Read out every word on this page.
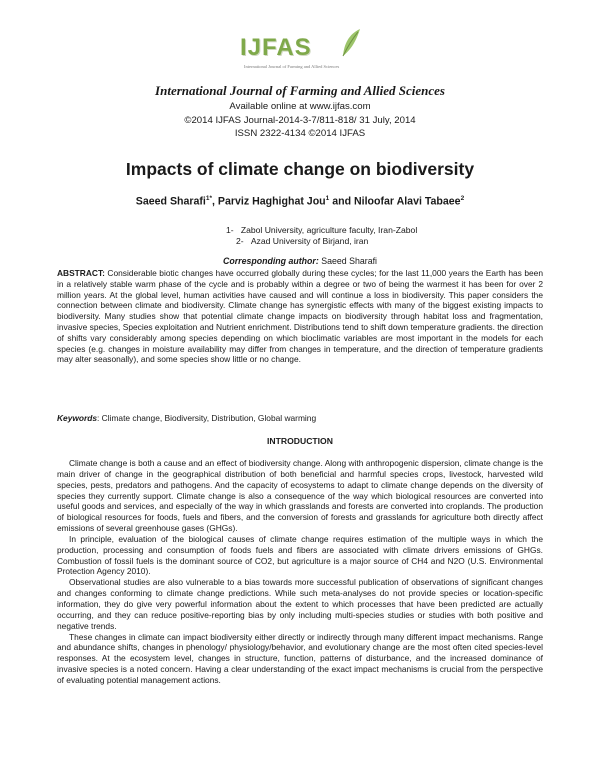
IJFAS
International Journal of Farming and Allied Sciences
International Journal of Farming and Allied Sciences
Available online at www.ijfas.com
©2014 IJFAS Journal-2014-3-7/811-818/ 31 July, 2014
ISSN 2322-4134 ©2014 IJFAS
Impacts of climate change on biodiversity
Saeed Sharafi$^{1*}$, Parviz Haghighat Jou$^1$ and Niloofar Alavi Tabaee$^2$
1- Zabol University, agriculture faculty, Iran-Zabol
2- Azad University of Birjand, iran
Corresponding author: Saeed Sharafi
ABSTRACT: Considerable biotic changes have occurred globally during these cycles; for the last 11,000 years the Earth has been in a relatively stable warm phase of the cycle and is probably within a degree or two of being the warmest it has been for over 2 million years. At the global level, human activities have caused and will continue a loss in biodiversity. This paper considers the connection between climate and biodiversity. Climate change has synergistic effects with many of the biggest existing impacts to biodiversity. Many studies show that potential climate change impacts on biodiversity through habitat loss and fragmentation, invasive species, Species exploitation and Nutrient enrichment. Distributions tend to shift down temperature gradients. the direction of shifts vary considerably among species depending on which bioclimatic variables are most important in the models for each species (e.g. changes in moisture availability may differ from changes in temperature, and the direction of temperature gradients may alter seasonally), and some species show little or no change.
Keywords: Climate change, Biodiversity, Distribution, Global warming
INTRODUCTION

Climate change is both a cause and an effect of biodiversity change. Along with anthropogenic dispersion, climate change is the main driver of change in the geographical distribution of both beneficial and harmful species crops, livestock, harvested wild species, pests, predators and pathogens. And the capacity of ecosystems to adapt to climate change depends on the diversity of species they currently support. Climate change is also a consequence of the way which biological resources are converted into useful goods and services, and especially of the way in which grasslands and forests are converted into croplands. The production of biological resources for foods, fuels and fibers, and the conversion of forests and grasslands for agriculture both directly affect emissions of several greenhouse gases (GHGs).

In principle, evaluation of the biological causes of climate change requires estimation of the multiple ways in which the production, processing and consumption of foods fuels and fibers are associated with climate drivers emissions of GHGs. Combustion of fossil fuels is the dominant source of CO2, but agriculture is a major source of CH4 and N2O (U.S. Environmental Protection Agency 2010).

Observational studies are also vulnerable to a bias towards more successful publication of observations of significant changes and changes conforming to climate change predictions. While such meta-analyses do not provide species or location-specific information, they do give very powerful information about the extent to which processes that have been predicted are actually occurring, and they can reduce positive-reporting bias by only including multi-species studies or studies with both positive and negative trends.

These changes in climate can impact biodiversity either directly or indirectly through many different impact mechanisms. Range and abundance shifts, changes in phenology/ physiology/behavior, and evolutionary change are the most often cited species-level responses. At the ecosystem level, changes in structure, function, patterns of disturbance, and the increased dominance of invasive species is a noted concern. Having a clear understanding of the exact impact mechanisms is crucial from the perspective of evaluating potential management actions.
